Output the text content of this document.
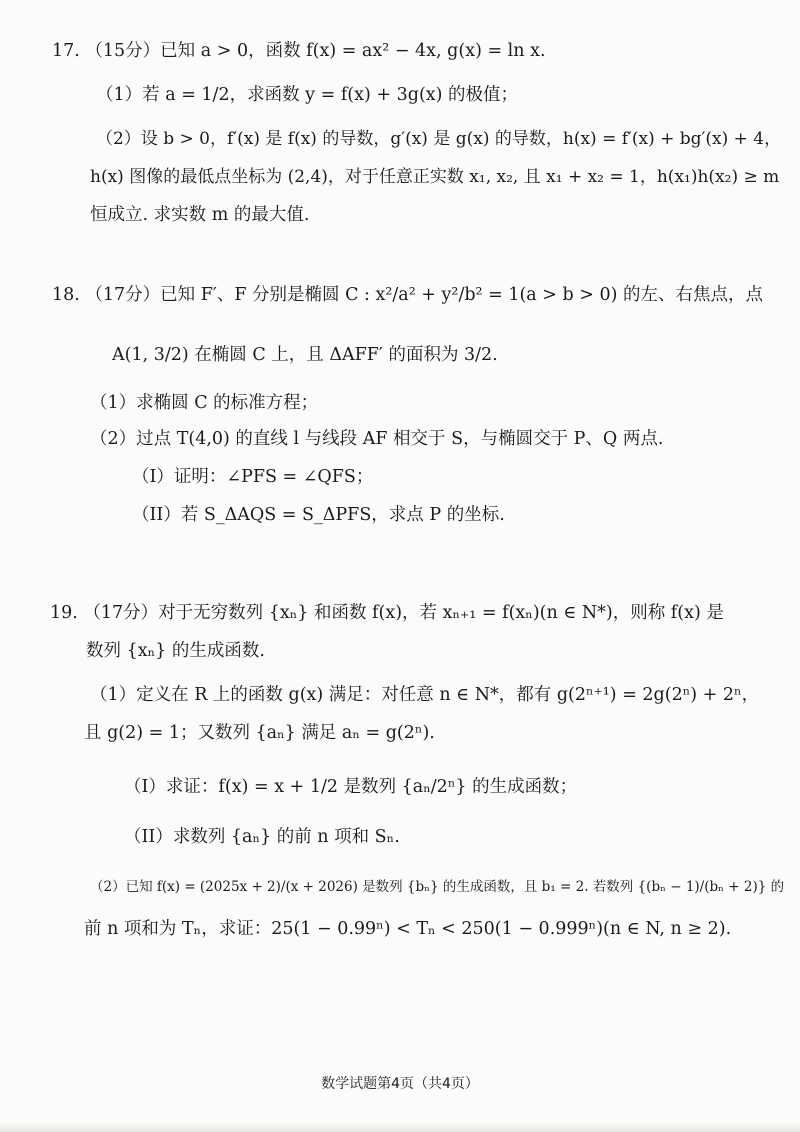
17. （15分）已知 a > 0，函数 f(x) = ax² − 4x, g(x) = ln x.
（1）若 a = 1/2，求函数 y = f(x) + 3g(x) 的极值；
（2）设 b > 0，f′(x) 是 f(x) 的导数，g′(x) 是 g(x) 的导数，h(x) = f′(x) + bg′(x) + 4，
h(x) 图像的最低点坐标为 (2,4)，对于任意正实数 x₁, x₂, 且 x₁ + x₂ = 1，h(x₁)h(x₂) ≥ m
恒成立. 求实数 m 的最大值.
18. （17分）已知 F′、F 分别是椭圆 C : x²/a² + y²/b² = 1(a > b > 0) 的左、右焦点，点
A(1, 3/2) 在椭圆 C 上，且 ΔAFF′ 的面积为 3/2.
（1）求椭圆 C 的标准方程；
（2）过点 T(4,0) 的直线 l 与线段 AF 相交于 S，与椭圆交于 P、Q 两点.
（I）证明：∠PFS = ∠QFS；
（II）若 S_ΔAQS = S_ΔPFS，求点 P 的坐标.
19. （17分）对于无穷数列 {xₙ} 和函数 f(x)，若 xₙ₊₁ = f(xₙ)(n ∈ N*)，则称 f(x) 是
数列 {xₙ} 的生成函数.
（1）定义在 R 上的函数 g(x) 满足：对任意 n ∈ N*，都有 g(2ⁿ⁺¹) = 2g(2ⁿ) + 2ⁿ，
且 g(2) = 1；又数列 {aₙ} 满足 aₙ = g(2ⁿ).
（I）求证：f(x) = x + 1/2 是数列 {aₙ/2ⁿ} 的生成函数；
（II）求数列 {aₙ} 的前 n 项和 Sₙ.
（2）已知 f(x) = (2025x + 2)/(x + 2026) 是数列 {bₙ} 的生成函数，且 b₁ = 2. 若数列 {(bₙ − 1)/(bₙ + 2)} 的
前 n 项和为 Tₙ，求证：25(1 − 0.99ⁿ) < Tₙ < 250(1 − 0.999ⁿ)(n ∈ N, n ≥ 2).
数学试题第4页（共4页）
